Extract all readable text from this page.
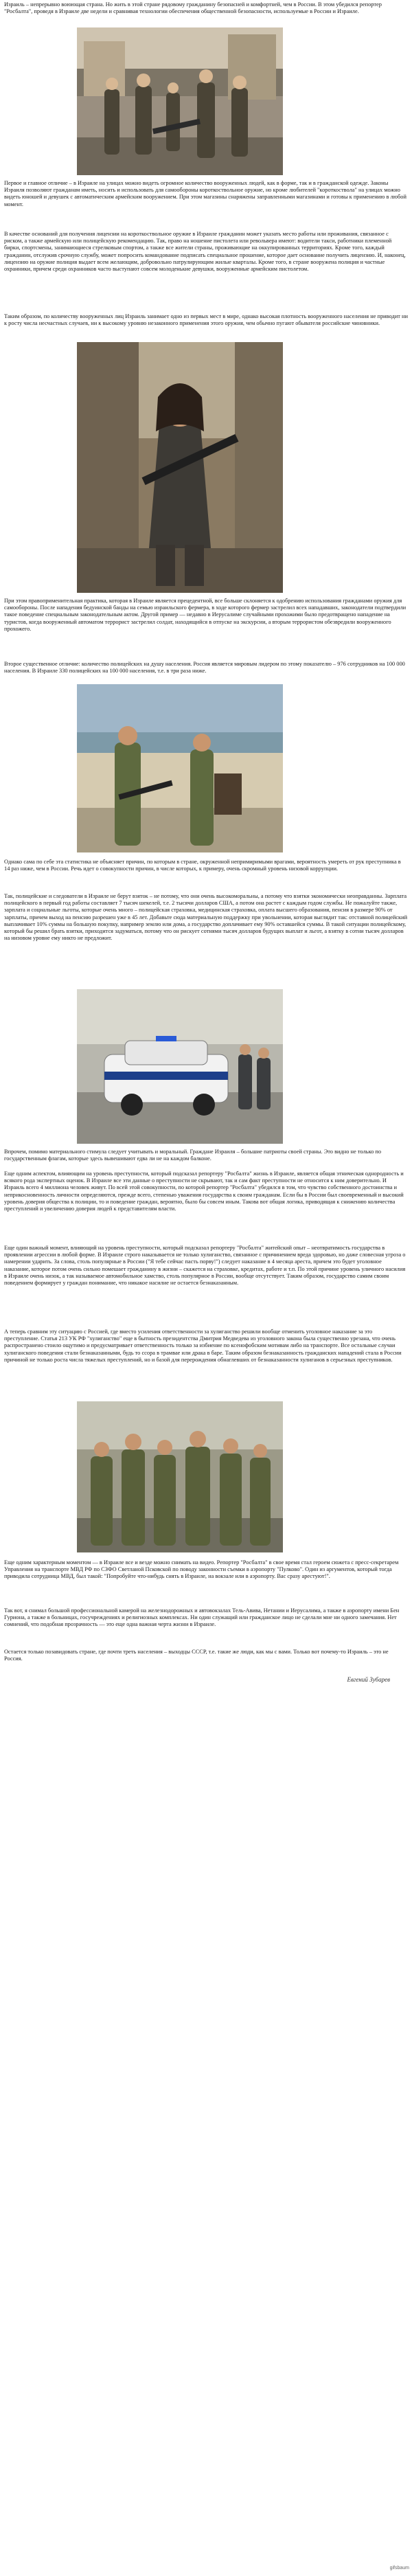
Израиль – непрерывно воюющая страна. Но жить в этой стране рядовому гражданину безопасней и комфортней, чем в России. В этом убедился репортер "Росбалта", проведя в Израиле две недели и сравнивая технологии обеспечения общественной безопасности, используемые в России и Израиле.

Первое и главное отличие – в Израиле на улицах можно видеть огромное количество вооруженных людей, как в форме, так и в гражданской одежде. Законы Израиля позволяют гражданам иметь, носить и использовать для самообороны короткоствольное оружие, но кроме любителей "короткоствола" на улицах можно видеть юношей и девушек с автоматическим армейским вооружением. При этом магазины снаряжены заправленными магазинами и готовы к применению в любой момент.

В качестве оснований для получения лицензии на короткоствольное оружие в Израиле гражданин может указать место работы или проживания, связанное с риском, а также армейскую или полицейскую рекомендацию. Так, право на ношение пистолета или револьвера имеют: водители такси, работники племенной бирки, спортсмены, занимающиеся стрелковым спортом, а также все жители страны, проживающие на оккупированных территориях. Кроме того, каждый гражданин, отслужив срочную службу, может попросить командование подписать специальное прошение, которое дает основание получить лицензию. И, наконец, лицензию на оружие полиция выдает всем желающим, добровольно патрулирующим жилые кварталы. Кроме того, в стране вооружена полиция и частные охранники, причем среди охранников часто выступают совсем молоденькие девушки, вооруженные армейским пистолетом.

Таким образом, по количеству вооруженных лиц Израиль занимает одно из первых мест в мире, однако высокая плотность вооруженного населения не приводит ни к росту числа несчастных случаев, ни к высокому уровню незаконного применения этого оружия, чем обычно пугают обывателя российские чиновники.

При этом правоприменительная практика, которая в Израиле является прецедентной, все больше склоняется к одобрению использования гражданами оружия для самообороны. После нападения бедуинской банды на семью израильского фермера, в ходе которого фермер застрелил всех нападавших, законодатели подтвердили такое поведение специальным законодательным актом. Другой пример — недавно в Иерусалиме случайными прохожими было предотвращено нападение на туристов, когда вооруженный автоматом террорист застрелил солдат, находящийся в отпуске на экскурсии, а вторым террористом обезвредили вооруженного прохожего.

Второе существенное отличие: количество полицейских на душу населения. Россия является мировым лидером по этому показателю – 976 сотрудников на 100 000 населения. В Израиле 330 полицейских на 100 000 населения, т.е. в три раза ниже.

Однако сама по себе эта статистика не объясняет причин, по которым в стране, окруженной непримиримыми врагами, вероятность умереть от рук преступника в 14 раз ниже, чем в России. Речь идет о совокупности причин, в числе которых, к примеру, очень скромный уровень низовой коррупции.

Так, полицейские и следователи в Израиле не берут взяток – не потому, что они очень высокоморальны, а потому что взятки экономически неоправданны. Зарплата полицейского в первый год работы составляет 7 тысяч шекелей, т.е. 2 тысячи долларов США, а потом она растет с каждым годом службы. Не пожалуйте также, зарплата и социальные льготы, которые очень много – полицейская страховка, медицинская страховка, оплата высшего образования, пенсия в размере 90% от зарплаты, причем выход на пенсию разрешен уже в 45 лет. Добавьте сюда материальную поддержку при увольнении, которая выглядит так: отставной полицейский выплачивает 10% суммы на большую покупку, например землю или дома, а государство доплачивает ему 90% оставшейся суммы. В такой ситуации полицейскому, который бы решил брать взятки, приходится задуматься, потому что он рискует сотнями тысяч долларов будущих выплат и льгот, а взятку в сотни тысяч долларов на низовом уровне ему никто не предложит.

Впрочем, помимо материального стимула следует учитывать и моральный. Граждане Израиля – большие патриоты своей страны. Это видно не только по государственным флагам, которые здесь вывешивают едва ли не на каждом балконе.

Еще одним аспектом, влияющим на уровень преступности, который подсказал репортеру "Росбалта" жизнь в Израиле, является общая этническая однородность и всякого рода экспертных оценок. В Израиле все эти данные о преступности не скрывают, так и сам факт преступности не относится к ним доверительно. И Израиль всего 4 миллиона человек живут. По всей этой совокупности, по которой репортер "Росбалта" убедился в том, что чувство собственного достоинства и неприкосновенность личности определяются, прежде всего, степенью уважения государства к своим гражданам. Если бы в России был своевременный и высокий уровень доверия общества к полиции, то и поведение граждан, вероятно, было бы совсем иным. Такова вот общая логика, приводящая к снижению количества преступлений и увеличению доверия людей к представителям власти.

Еще один важный момент, влияющий на уровень преступности, который подсказал репортеру "Росбалта" житейский опыт – неотвратимость государства в проявлении агрессии в любой форме. В Израиле строго наказывается не только хулиганство, связанное с причинением вреда здоровью, но даже словесная угроза о намерении ударить. За слова, столь популярные в России ("Я тебе сейчас пасть порву!") следует наказание в 4 месяца ареста, причем это будет уголовное наказание, которое потом очень сильно помешает гражданину в жизни – скажется на страховке, кредитах, работе и т.п. По этой причине уровень уличного насилия в Израиле очень низок, а так называемое автомобильное хамство, столь популярное в России, вообще отсутствует. Таким образом, государство самим своим поведением формирует у граждан понимание, что никакое насилие не остается безнаказанным.

А теперь сравним эту ситуацию с Россией, где вместо усиления ответственности за хулиганство решили вообще отменить уголовное наказание за это преступление. Статья 213 УК РФ "хулиганство" еще в бытность президентства Дмитрия Медведева из уголовного закона была существенно урезана, что очень распространено стоило ощутимо и предусматривает ответственность только за избиение по ксенофобским мотивам либо на транспорте. Все остальные случаи хулиганского поведения стали безнаказанными, будь то ссора в трамвае или драка в баре. Таким образом безнаказанность гражданских нападений стала в России причиной не только роста числа тяжелых преступлений, но и базой для перерождения обнаглевших от безнаказанности хулиганов в серьезных преступников.

Еще одним характерным моментом — в Израиле все и везде можно снимать на видео. Репортер "Росбалта" в свое время стал героем сюжета с пресс-секретарем Управления на транспорте МВД РФ по СЗФО Светланой Псковской по поводу законности съемки в аэропорту "Пулково". Один из аргументов, который тогда приводила сотрудница МВД, был такой: "Попробуйте что-нибудь снять в Израиле, на вокзале или в аэропорту. Вас сразу арестуют!".

Так вот, я снимал большой профессиональной камерой на железнодорожных и автовокзалах Тель-Авива, Нетании и Иерусалима, а также в аэропорту имени Бен Гуриона, а также в больницах, госучреждениях и религиозных комплексах. Ни один служащий или гражданское лицо не сделали мне ни одного замечания. Нет сомнений, что подобная прозрачность — это еще одна важная черта жизни в Израиле.

Остается только позавидовать стране, где почти треть населения – выходцы СССР, т.е. такие же люди, как мы с вами. Только вот почему-то Израиль – это не Россия.

Евгений Зубарев
gifsbaum
